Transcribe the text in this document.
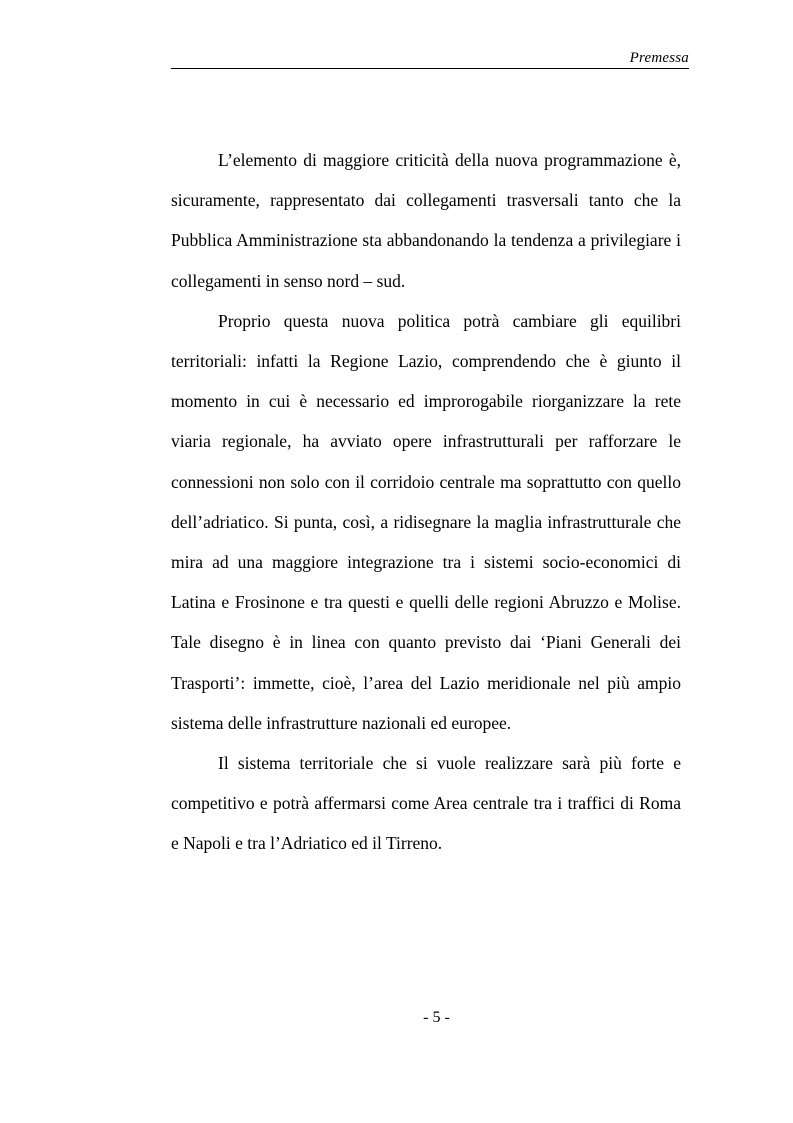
Premessa

L’elemento di maggiore criticità della nuova programmazione è, sicuramente, rappresentato dai collegamenti trasversali tanto che la Pubblica Amministrazione sta abbandonando la tendenza a privilegiare i collegamenti in senso nord – sud.

Proprio questa nuova politica potrà cambiare gli equilibri territoriali: infatti la Regione Lazio, comprendendo che è giunto il momento in cui è necessario ed improrogabile riorganizzare la rete viaria regionale, ha avviato opere infrastrutturali per rafforzare le connessioni non solo con il corridoio centrale ma soprattutto con quello dell’adriatico. Si punta, così, a ridisegnare la maglia infrastrutturale che mira ad una maggiore integrazione tra i sistemi socio-economici di Latina e Frosinone e tra questi e quelli delle regioni Abruzzo e Molise. Tale disegno è in linea con quanto previsto dai ‘Piani Generali dei Trasporti’: immette, cioè, l’area del Lazio meridionale nel più ampio sistema delle infrastrutture nazionali ed europee.

Il sistema territoriale che si vuole realizzare sarà più forte e competitivo e potrà affermarsi come Area centrale tra i traffici di Roma e Napoli e tra l’Adriatico ed il Tirreno.

- 5 -
